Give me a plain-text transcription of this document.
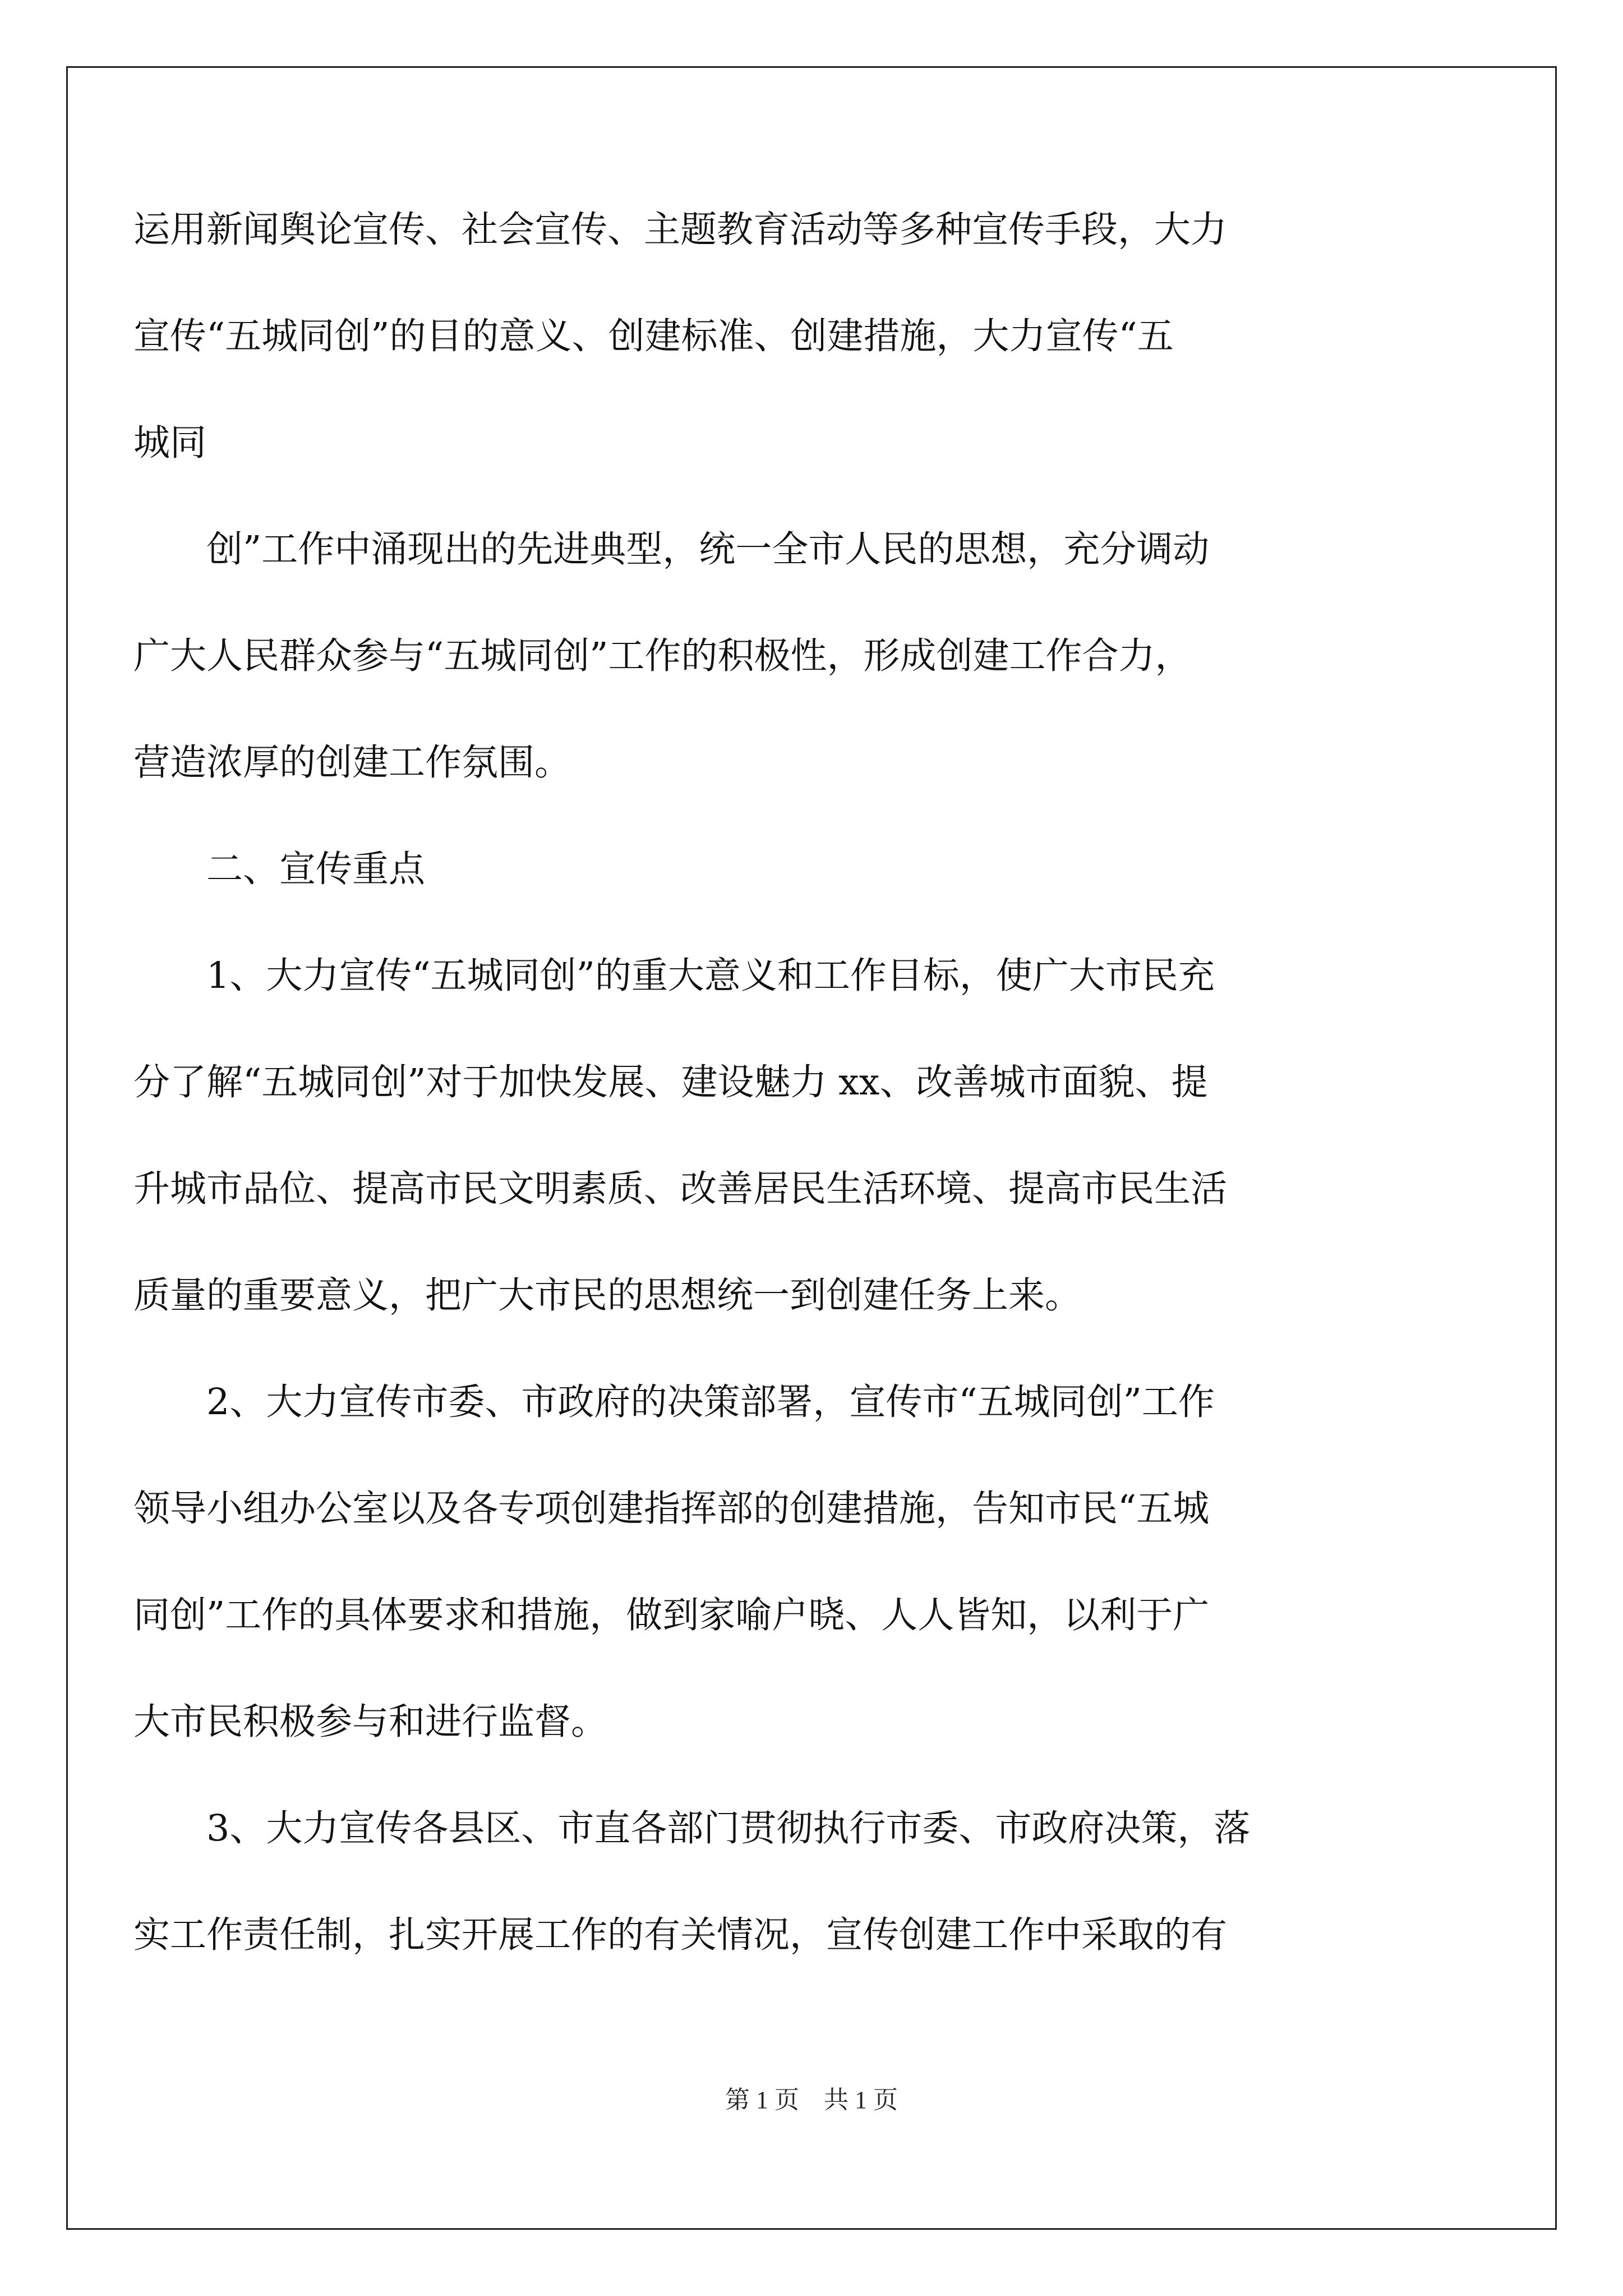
运用新闻舆论宣传、社会宣传、主题教育活动等多种宣传手段，大力
宣传“五城同创”的目的意义、创建标准、创建措施，大力宣传“五
城同
　　创”工作中涌现出的先进典型，统一全市人民的思想，充分调动
广大人民群众参与“五城同创”工作的积极性，形成创建工作合力，
营造浓厚的创建工作氛围。
　　二、宣传重点
　　1、大力宣传“五城同创”的重大意义和工作目标，使广大市民充
分了解“五城同创”对于加快发展、建设魅力 xx、改善城市面貌、提
升城市品位、提高市民文明素质、改善居民生活环境、提高市民生活
质量的重要意义，把广大市民的思想统一到创建任务上来。
　　2、大力宣传市委、市政府的决策部署，宣传市“五城同创”工作
领导小组办公室以及各专项创建指挥部的创建措施，告知市民“五城
同创”工作的具体要求和措施，做到家喻户晓、人人皆知，以利于广
大市民积极参与和进行监督。
　　3、大力宣传各县区、市直各部门贯彻执行市委、市政府决策，落
实工作责任制，扎实开展工作的有关情况，宣传创建工作中采取的有
第 1 页　共 1 页
